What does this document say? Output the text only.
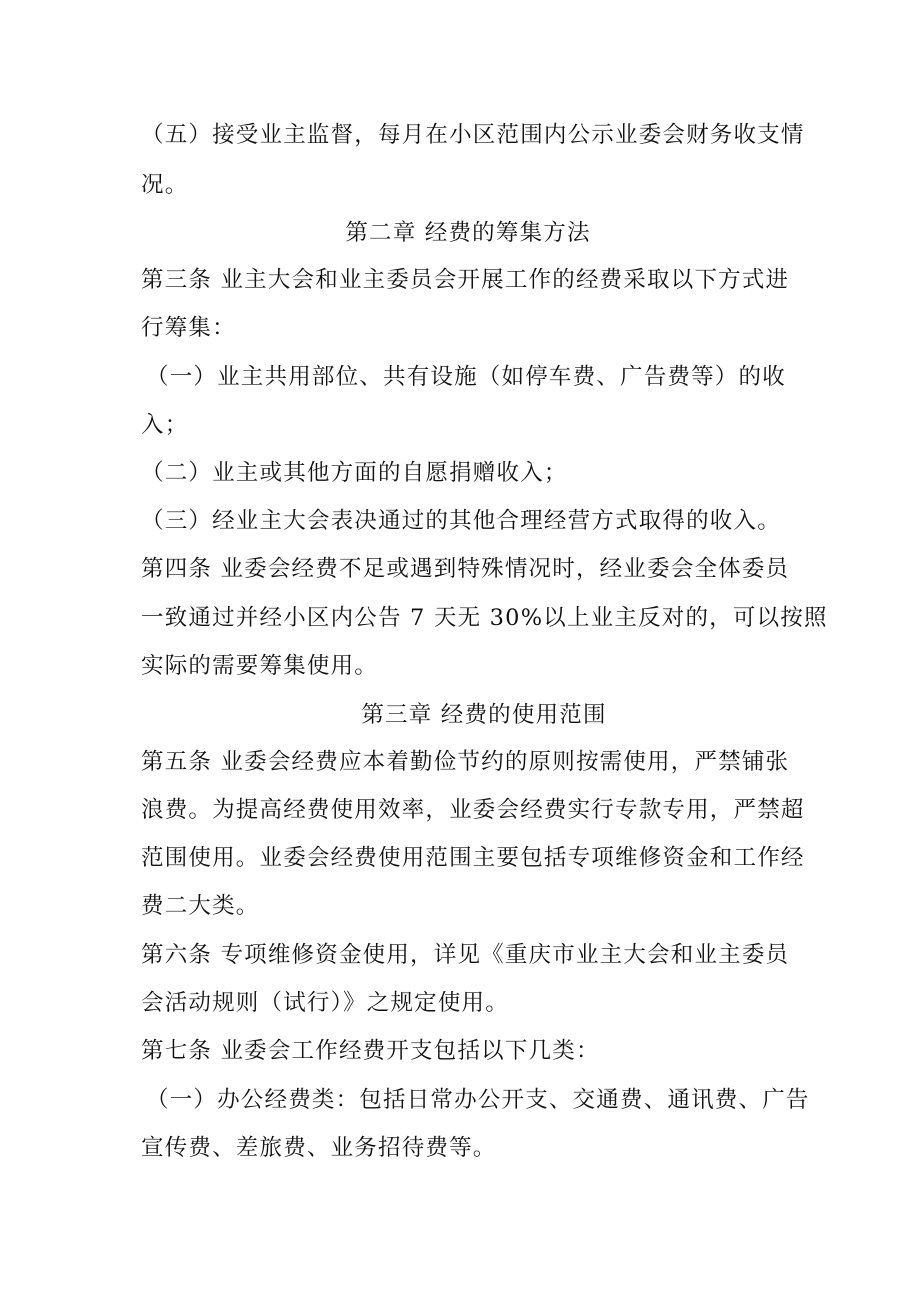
（五）接受业主监督，每月在小区范围内公示业委会财务收支情
况。
第二章 经费的筹集方法
第三条 业主大会和业主委员会开展工作的经费采取以下方式进
行筹集：
（一）业主共用部位、共有设施（如停车费、广告费等）的收
入；
（二）业主或其他方面的自愿捐赠收入；
（三）经业主大会表决通过的其他合理经营方式取得的收入。
第四条 业委会经费不足或遇到特殊情况时，经业委会全体委员
一致通过并经小区内公告 7 天无 30%以上业主反对的，可以按照
实际的需要筹集使用。
第三章 经费的使用范围
第五条 业委会经费应本着勤俭节约的原则按需使用，严禁铺张
浪费。为提高经费使用效率，业委会经费实行专款专用，严禁超
范围使用。业委会经费使用范围主要包括专项维修资金和工作经
费二大类。
第六条 专项维修资金使用，详见《重庆市业主大会和业主委员
会活动规则（试行）》之规定使用。
第七条 业委会工作经费开支包括以下几类：
（一）办公经费类：包括日常办公开支、交通费、通讯费、广告
宣传费、差旅费、业务招待费等。
